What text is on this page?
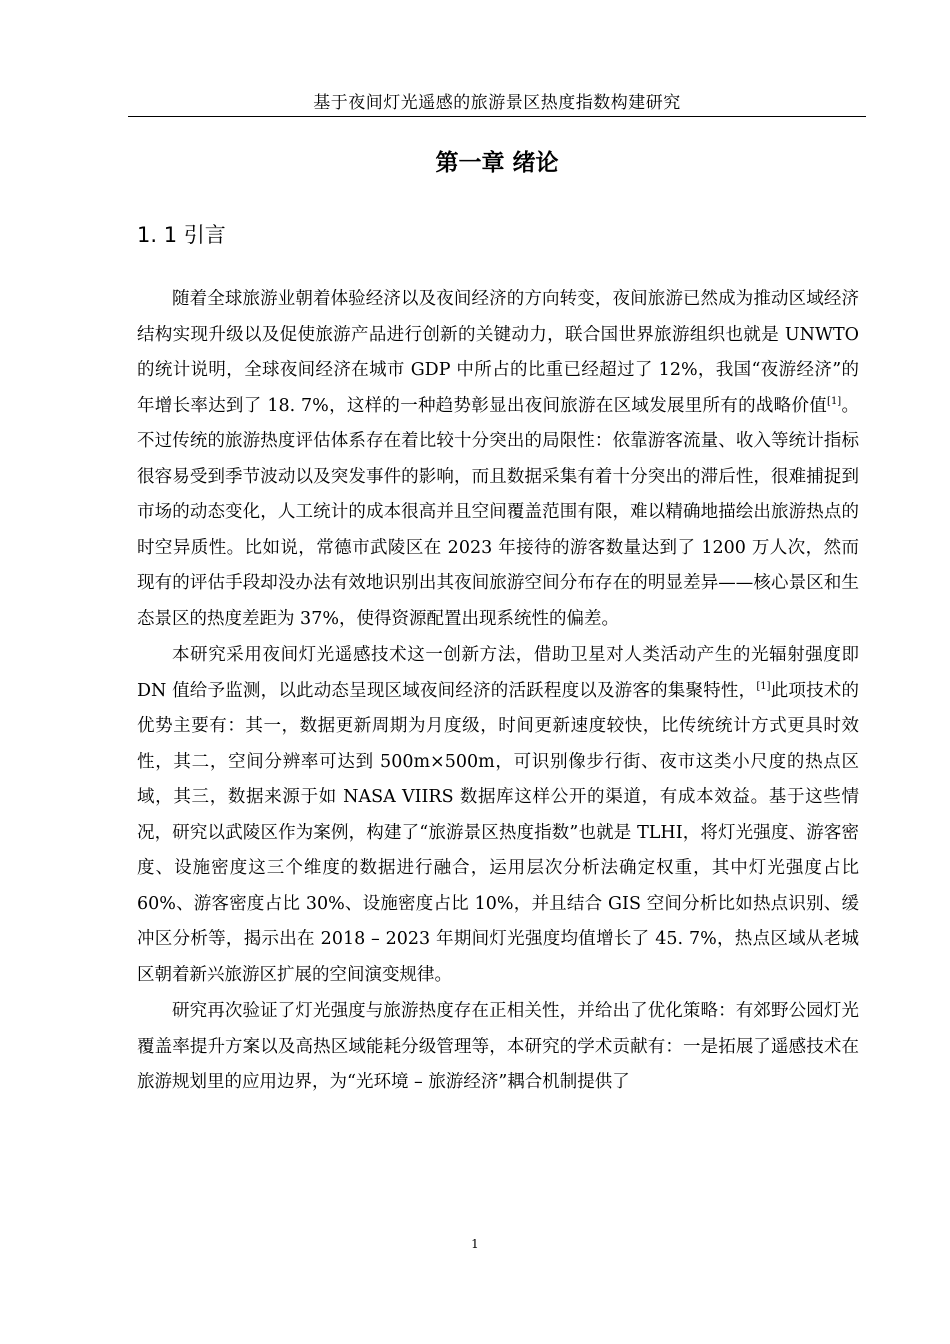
基于夜间灯光遥感的旅游景区热度指数构建研究
第一章 绪论
1. 1 引言

随着全球旅游业朝着体验经济以及夜间经济的方向转变，夜间旅游已然成为推动区域经济结构实现升级以及促使旅游产品进行创新的关键动力，联合国世界旅游组织也就是 UNWTO 的统计说明，全球夜间经济在城市 GDP 中所占的比重已经超过了 12%，我国“夜游经济”的年增长率达到了 18. 7%，这样的一种趋势彰显出夜间旅游在区域发展里所有的战略价值[1]。不过传统的旅游热度评估体系存在着比较十分突出的局限性：依靠游客流量、收入等统计指标很容易受到季节波动以及突发事件的影响，而且数据采集有着十分突出的滞后性，很难捕捉到市场的动态变化，人工统计的成本很高并且空间覆盖范围有限，难以精确地描绘出旅游热点的时空异质性。比如说，常德市武陵区在 2023 年接待的游客数量达到了 1200 万人次，然而现有的评估手段却没办法有效地识别出其夜间旅游空间分布存在的明显差异——核心景区和生态景区的热度差距为 37%，使得资源配置出现系统性的偏差。

本研究采用夜间灯光遥感技术这一创新方法，借助卫星对人类活动产生的光辐射强度即 DN 值给予监测，以此动态呈现区域夜间经济的活跃程度以及游客的集聚特性，[1]此项技术的优势主要有：其一，数据更新周期为月度级，时间更新速度较快，比传统统计方式更具时效性，其二，空间分辨率可达到 500m×500m，可识别像步行街、夜市这类小尺度的热点区域，其三，数据来源于如 NASA VIIRS 数据库这样公开的渠道，有成本效益。基于这些情况，研究以武陵区作为案例，构建了“旅游景区热度指数”也就是 TLHI，将灯光强度、游客密度、设施密度这三个维度的数据进行融合，运用层次分析法确定权重，其中灯光强度占比 60%、游客密度占比 30%、设施密度占比 10%，并且结合 GIS 空间分析比如热点识别、缓冲区分析等，揭示出在 2018 – 2023 年期间灯光强度均值增长了 45. 7%，热点区域从老城区朝着新兴旅游区扩展的空间演变规律。

研究再次验证了灯光强度与旅游热度存在正相关性，并给出了优化策略：有郊野公园灯光覆盖率提升方案以及高热区域能耗分级管理等，本研究的学术贡献有：一是拓展了遥感技术在旅游规划里的应用边界，为“光环境 – 旅游经济”耦合机制提供了

1
